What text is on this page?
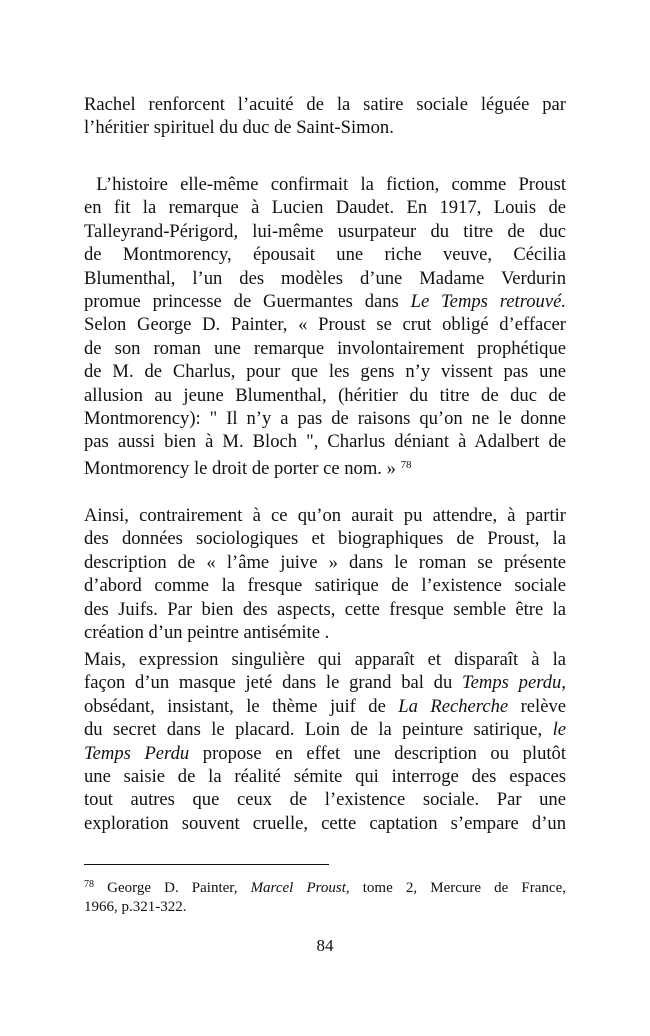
Rachel renforcent l’acuité de la satire sociale léguée par
l’héritier spirituel du duc de Saint-Simon.
L’histoire elle-même confirmait la fiction, comme Proust
en fit la remarque à Lucien Daudet. En 1917, Louis de
Talleyrand-Périgord, lui-même usurpateur du titre de duc
de Montmorency, épousait une riche veuve, Cécilia
Blumenthal, l’un des modèles d’une Madame Verdurin
promue princesse de Guermantes dans Le Temps retrouvé.
Selon George D. Painter, « Proust se crut obligé d’effacer
de son roman une remarque involontairement prophétique
de M. de Charlus, pour que les gens n’y vissent pas une
allusion au jeune Blumenthal, (héritier du titre de duc de
Montmorency): " Il n’y a pas de raisons qu’on ne le donne
pas aussi bien à M. Bloch ", Charlus déniant à Adalbert de
Montmorency le droit de porter ce nom. » $^{78}$
Ainsi, contrairement à ce qu’on aurait pu attendre, à partir
des données sociologiques et biographiques de Proust, la
description de « l’âme juive » dans le roman se présente
d’abord comme la fresque satirique de l’existence sociale
des Juifs. Par bien des aspects, cette fresque semble être la
création d’un peintre antisémite .
Mais, expression singulière qui apparaît et disparaît à la
façon d’un masque jeté dans le grand bal du Temps perdu,
obsédant, insistant, le thème juif de La Recherche relève
du secret dans le placard. Loin de la peinture satirique, le
Temps Perdu propose en effet une description ou plutôt
une saisie de la réalité sémite qui interroge des espaces
tout autres que ceux de l’existence sociale. Par une
exploration souvent cruelle, cette captation s’empare d’un
$^{78}$ George D. Painter, Marcel Proust, tome 2, Mercure de France,
1966, p.321-322.
84
